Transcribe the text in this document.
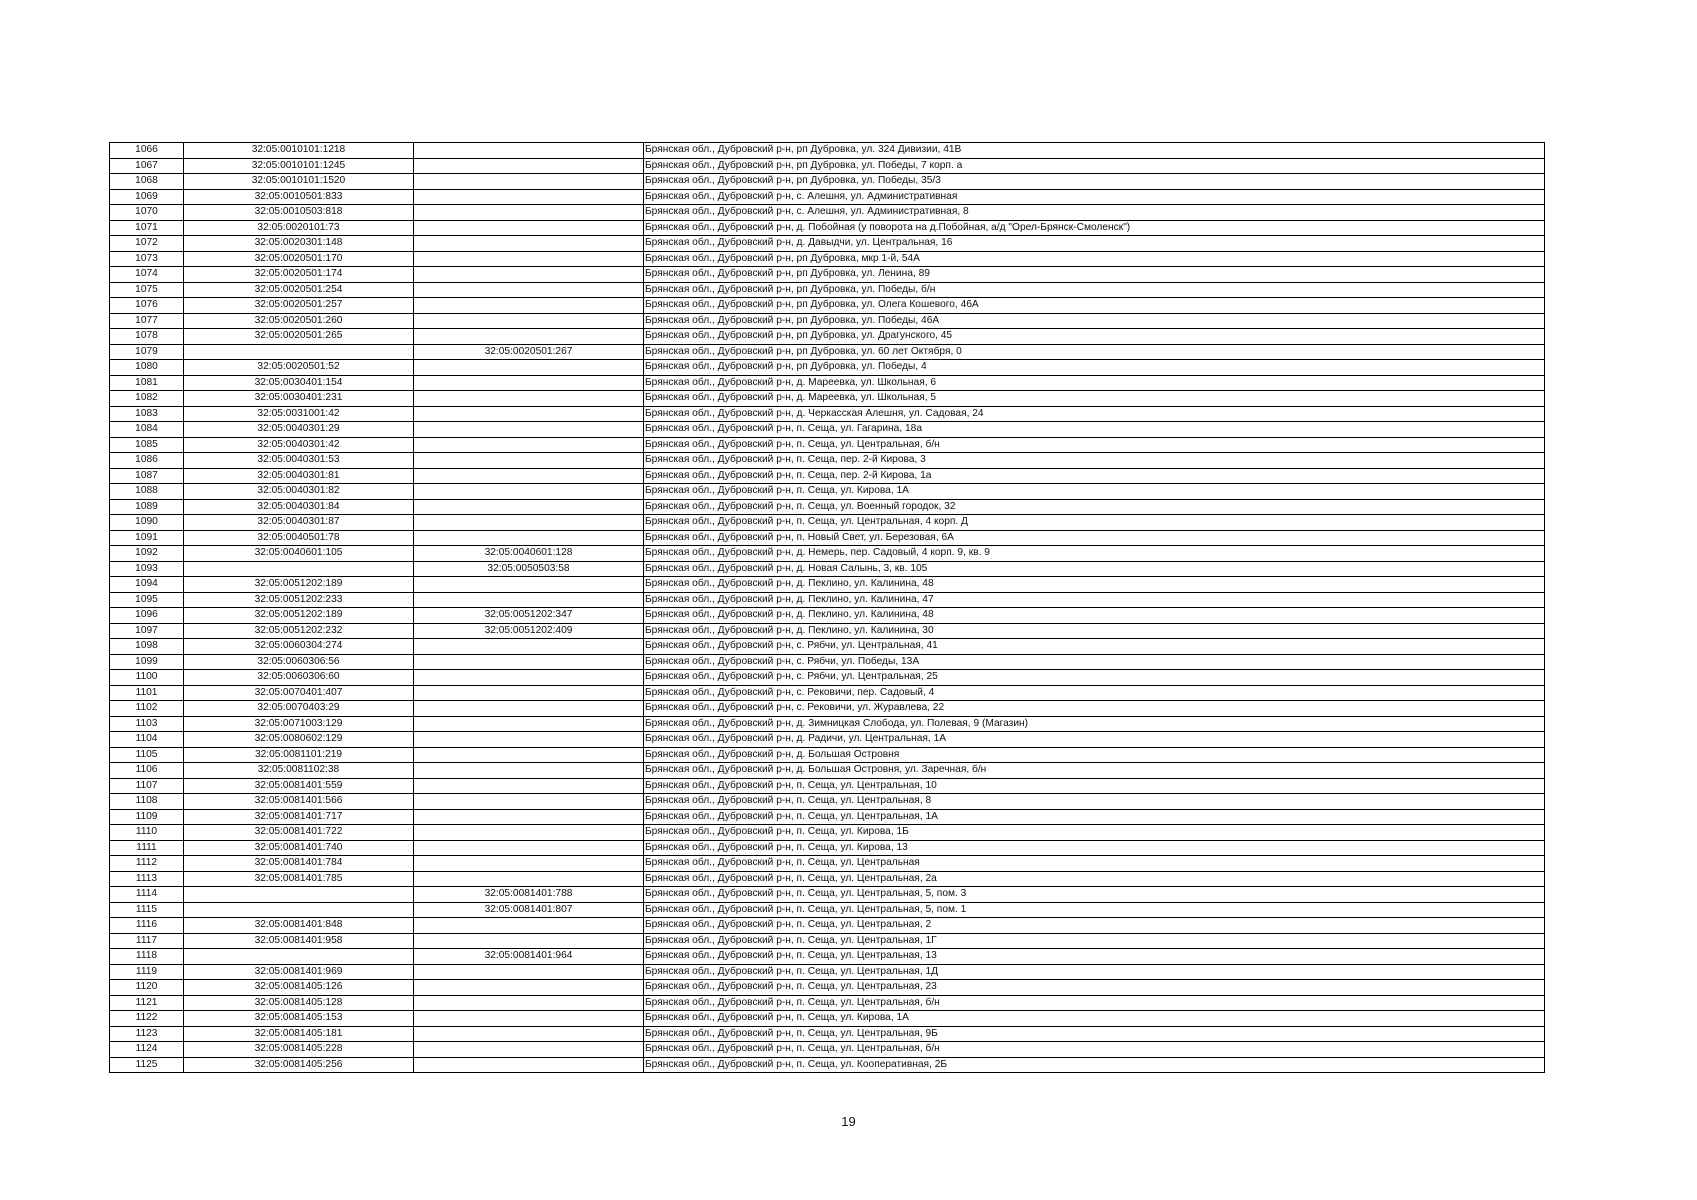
1066	32:05:0010101:1218		Брянская обл., Дубровский р-н, рп Дубровка, ул. 324 Дивизии, 41В
1067	32:05:0010101:1245		Брянская обл., Дубровский р-н, рп Дубровка, ул. Победы, 7 корп. а
1068	32:05:0010101:1520		Брянская обл., Дубровский р-н, рп Дубровка, ул. Победы, 35/3
1069	32:05:0010501:833		Брянская обл., Дубровский р-н, с. Алешня, ул. Административная
1070	32:05:0010503:818		Брянская обл., Дубровский р-н, с. Алешня, ул. Административная, 8
1071	32:05:0020101:73		Брянская обл., Дубровский р-н, д. Побойная (у поворота на д.Побойная, а/д "Орел-Брянск-Смоленск")
1072	32:05:0020301:148		Брянская обл., Дубровский р-н, д. Давыдчи, ул. Центральная, 16
1073	32:05:0020501:170		Брянская обл., Дубровский р-н, рп Дубровка, мкр 1-й, 54А
1074	32:05:0020501:174		Брянская обл., Дубровский р-н, рп Дубровка, ул. Ленина, 89
1075	32:05:0020501:254		Брянская обл., Дубровский р-н, рп Дубровка, ул. Победы, б/н
1076	32:05:0020501:257		Брянская обл., Дубровский р-н, рп Дубровка, ул. Олега Кошевого, 46А
1077	32:05:0020501:260		Брянская обл., Дубровский р-н, рп Дубровка, ул. Победы, 46А
1078	32:05:0020501:265		Брянская обл., Дубровский р-н, рп Дубровка, ул. Драгунского, 45
1079		32:05:0020501:267	Брянская обл., Дубровский р-н, рп Дубровка, ул. 60 лет Октября, 0
1080	32:05:0020501:52		Брянская обл., Дубровский р-н, рп Дубровка, ул. Победы, 4
1081	32:05:0030401:154		Брянская обл., Дубровский р-н, д. Мареевка, ул. Школьная, 6
1082	32:05:0030401:231		Брянская обл., Дубровский р-н, д. Мареевка, ул. Школьная, 5
1083	32:05:0031001:42		Брянская обл., Дубровский р-н, д. Черкасская Алешня, ул. Садовая, 24
1084	32:05:0040301:29		Брянская обл., Дубровский р-н, п. Сеща, ул. Гагарина, 18а
1085	32:05:0040301:42		Брянская обл., Дубровский р-н, п. Сеща, ул. Центральная, б/н
1086	32:05:0040301:53		Брянская обл., Дубровский р-н, п. Сеща, пер. 2-й Кирова, 3
1087	32:05:0040301:81		Брянская обл., Дубровский р-н, п. Сеща, пер. 2-й Кирова, 1а
1088	32:05:0040301:82		Брянская обл., Дубровский р-н, п. Сеща, ул. Кирова, 1А
1089	32:05:0040301:84		Брянская обл., Дубровский р-н, п. Сеща, ул. Военный городок, 32
1090	32:05:0040301:87		Брянская обл., Дубровский р-н, п. Сеща, ул. Центральная, 4 корп. Д
1091	32:05:0040501:78		Брянская обл., Дубровский р-н, п. Новый Свет, ул. Березовая, 6А
1092	32:05:0040601:105	32:05:0040601:128	Брянская обл., Дубровский р-н, д. Немерь, пер. Садовый, 4 корп. 9, кв. 9
1093		32:05:0050503:58	Брянская обл., Дубровский р-н, д. Новая Салынь, 3, кв. 105
1094	32:05:0051202:189		Брянская обл., Дубровский р-н, д. Пеклино, ул. Калинина, 48
1095	32:05:0051202:233		Брянская обл., Дубровский р-н, д. Пеклино, ул. Калинина, 47
1096	32:05:0051202:189	32:05:0051202:347	Брянская обл., Дубровский р-н, д. Пеклино, ул. Калинина, 48
1097	32:05:0051202:232	32:05:0051202:409	Брянская обл., Дубровский р-н, д. Пеклино, ул. Калинина, 30
1098	32:05:0060304:274		Брянская обл., Дубровский р-н, с. Рябчи, ул. Центральная, 41
1099	32:05:0060306:56		Брянская обл., Дубровский р-н, с. Рябчи, ул. Победы, 13А
1100	32:05:0060306:60		Брянская обл., Дубровский р-н, с. Рябчи, ул. Центральная, 25
1101	32:05:0070401:407		Брянская обл., Дубровский р-н, с. Рековичи, пер. Садовый, 4
1102	32:05:0070403:29		Брянская обл., Дубровский р-н, с. Рековичи, ул. Журавлева, 22
1103	32:05:0071003:129		Брянская обл., Дубровский р-н, д. Зимницкая Слобода, ул. Полевая, 9 (Магазин)
1104	32:05:0080602:129		Брянская обл., Дубровский р-н, д. Радичи, ул. Центральная, 1А
1105	32:05:0081101:219		Брянская обл., Дубровский р-н, д. Большая Островня
1106	32:05:0081102:38		Брянская обл., Дубровский р-н, д. Большая Островня, ул. Заречная, б/н
1107	32:05:0081401:559		Брянская обл., Дубровский р-н, п. Сеща, ул. Центральная, 10
1108	32:05:0081401:566		Брянская обл., Дубровский р-н, п. Сеща, ул. Центральная, 8
1109	32:05:0081401:717		Брянская обл., Дубровский р-н, п. Сеща, ул. Центральная, 1А
1110	32:05:0081401:722		Брянская обл., Дубровский р-н, п. Сеща, ул. Кирова, 1Б
1111	32:05:0081401:740		Брянская обл., Дубровский р-н, п. Сеща, ул. Кирова, 13
1112	32:05:0081401:784		Брянская обл., Дубровский р-н, п. Сеща, ул. Центральная
1113	32:05:0081401:785		Брянская обл., Дубровский р-н, п. Сеща, ул. Центральная, 2а
1114		32:05:0081401:788	Брянская обл., Дубровский р-н, п. Сеща, ул. Центральная, 5, пом. 3
1115		32:05:0081401:807	Брянская обл., Дубровский р-н, п. Сеща, ул. Центральная, 5, пом. 1
1116	32:05:0081401:848		Брянская обл., Дубровский р-н, п. Сеща, ул. Центральная, 2
1117	32:05:0081401:958		Брянская обл., Дубровский р-н, п. Сеща, ул. Центральная, 1Г
1118		32:05:0081401:964	Брянская обл., Дубровский р-н, п. Сеща, ул. Центральная, 13
1119	32:05:0081401:969		Брянская обл., Дубровский р-н, п. Сеща, ул. Центральная, 1Д
1120	32:05:0081405:126		Брянская обл., Дубровский р-н, п. Сеща, ул. Центральная, 23
1121	32:05:0081405:128		Брянская обл., Дубровский р-н, п. Сеща, ул. Центральная, б/н
1122	32:05:0081405:153		Брянская обл., Дубровский р-н, п. Сеща, ул. Кирова, 1А
1123	32:05:0081405:181		Брянская обл., Дубровский р-н, п. Сеща, ул. Центральная, 9Б
1124	32:05:0081405:228		Брянская обл., Дубровский р-н, п. Сеща, ул. Центральная, б/н
1125	32:05:0081405:256		Брянская обл., Дубровский р-н, п. Сеща, ул. Кооперативная, 2Б
19
